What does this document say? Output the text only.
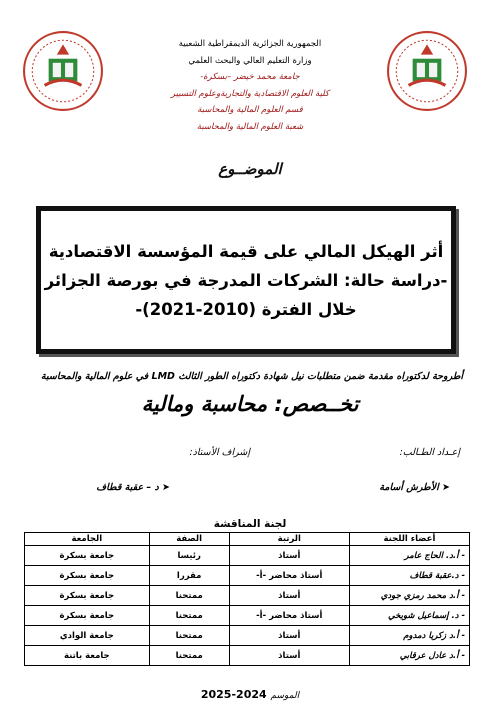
الجمهورية الجزائرية الديمقراطية الشعبية
وزارة التعليم العالي والبحث العلمي
جامعة محمد خيضر –بسكرة-
كلية العلوم الاقتصادية والتجاريةوعلوم التسيير
قسم العلوم المالية والمحاسبة
شعبة العلوم المالية والمحاسبة
الموضــوع
أثر الهيكل المالي على قيمة المؤسسة الاقتصادية
-دراسة حالة: الشركات المدرجة في بورصة الجزائر
خلال الفترة (2010-2021)-
أطروحة لدكتوراه مقدمة ضمن متطلبات نيل شهادة دكتوراه الطور الثالث LMD في علوم المالية والمحاسبة
تخــصص: محاسبة ومالية
إعـداد الطـالب:
إشراف الأستاذ:
➤ الأطرش أسامة
➤ د – عقبة قطاف
لجنة المناقشة
أعضاء اللجنة	الرتبة	الصفة	الجامعة
- أ.د. الحاج عامر	أستاذ	رئيسا	جامعة بسكرة
- د.عقبة قطاف	أستاذ محاضر -أ-	مقررا	جامعة بسكرة
- أ.د محمد رمزي جودي	أستاذ	ممتحنا	جامعة بسكرة
- د. إسماعيل شويخي	أستاذ محاضر -أ-	ممتحنا	جامعة بسكرة
- أ.د زكريا دمدوم	أستاذ	ممتحنا	جامعة الوادي
- أ.د عادل عرقابي	أستاذ	ممتحنا	جامعة باتنة
الموسم 2024-2025
